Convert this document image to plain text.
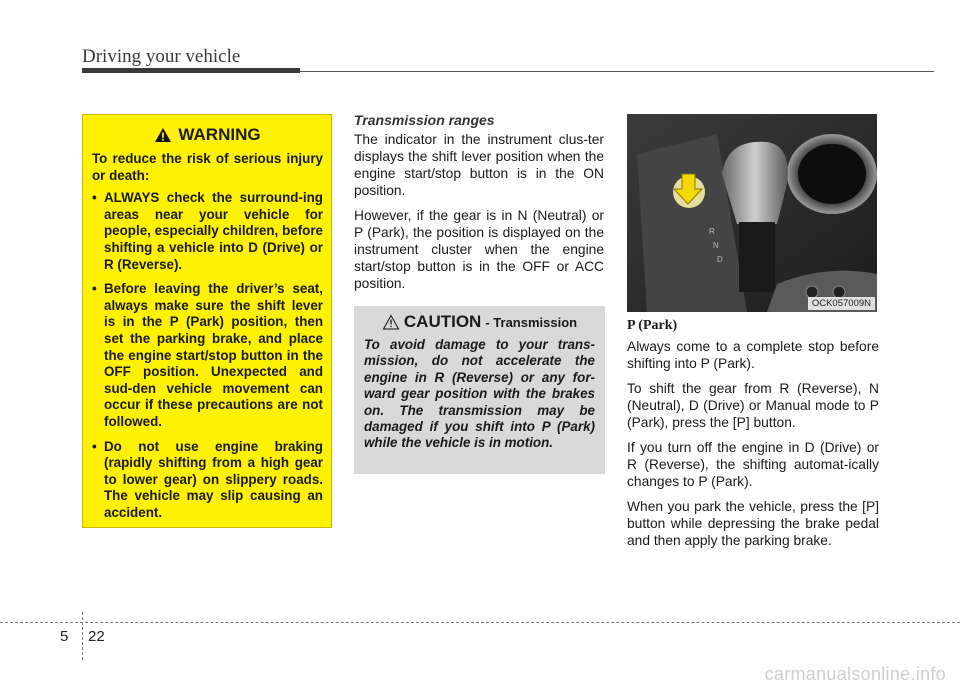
Driving your vehicle
WARNING

To reduce the risk of serious injury or death:

• ALWAYS check the surround-ing areas near your vehicle for people, especially children, before shifting a vehicle into D (Drive) or R (Reverse).
• Before leaving the driver’s seat, always make sure the shift lever is in the P (Park) position, then set the parking brake, and place the engine start/stop button in the OFF position. Unexpected and sud-den vehicle movement can occur if these precautions are not followed.
• Do not use engine braking (rapidly shifting from a high gear to lower gear) on slippery roads. The vehicle may slip causing an accident.

Transmission ranges

The indicator in the instrument clus-ter displays the shift lever position when the engine start/stop button is in the ON position.

However, if the gear is in N (Neutral) or P (Park), the position is displayed on the instrument cluster when the engine start/stop button is in the OFF or ACC position.

CAUTION - Transmission

To avoid damage to your trans-mission, do not accelerate the engine in R (Reverse) or any for-ward gear position with the brakes on. The transmission may be damaged if you shift into P (Park) while the vehicle is in motion.

R
N
D
OCK057009N

P (Park)

Always come to a complete stop before shifting into P (Park).

To shift the gear from R (Reverse), N (Neutral), D (Drive) or Manual mode to P (Park), press the [P] button.

If you turn off the engine in D (Drive) or R (Reverse), the shifting automat-ically changes to P (Park).

When you park the vehicle, press the [P] button while depressing the brake pedal and then apply the parking brake.

5 22
carmanualsonline.info
